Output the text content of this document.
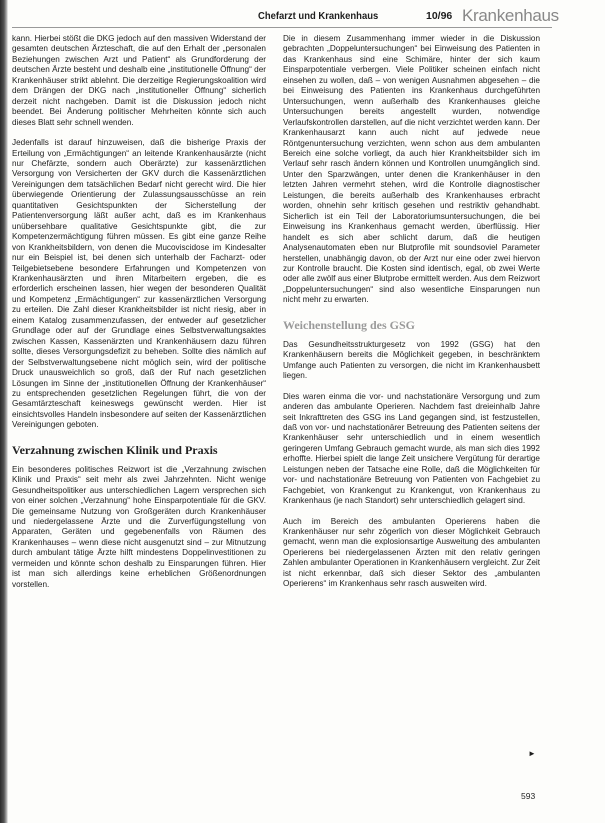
Chefarzt und Krankenhaus	10/96 Krankenhaus

kann. Hierbei stößt die DKG jedoch auf den massiven Widerstand der gesamten deutschen Ärzteschaft, die auf den Erhalt der „personalen Beziehungen zwischen Arzt und Patient“ als Grundforderung der deutschen Ärzte besteht und deshalb eine „institutionelle Öffnung“ der Krankenhäuser strikt ablehnt. Die derzeitige Regierungskoalition wird dem Drängen der DKG nach „institutioneller Öffnung“ sicherlich derzeit nicht nachgeben. Damit ist die Diskussion jedoch nicht beendet. Bei Änderung politischer Mehrheiten könnte sich auch dieses Blatt sehr schnell wenden.

Jedenfalls ist darauf hinzuweisen, daß die bisherige Praxis der Erteilung von „Ermächtigungen“ an leitende Krankenhausärzte (nicht nur Chefärzte, sondern auch Oberärzte) zur kassenärztlichen Versorgung von Versicherten der GKV durch die Kassenärztlichen Vereinigungen dem tatsächlichen Bedarf nicht gerecht wird. Die hier überwiegende Orientierung der Zulassungsausschüsse an rein quantitativen Gesichtspunkten der Sicherstellung der Patientenversorgung läßt außer acht, daß es im Krankenhaus unübersehbare qualitative Gesichtspunkte gibt, die zur Kompetenzermächtigung führen müssen. Es gibt eine ganze Reihe von Krankheitsbildern, von denen die Mucoviscidose im Kindesalter nur ein Beispiel ist, bei denen sich unterhalb der Facharzt- oder Teilgebietsebene besondere Erfahrungen und Kompetenzen von Krankenhausärzten und ihren Mitarbeitern ergeben, die es erforderlich erscheinen lassen, hier wegen der besonderen Qualität und Kompetenz „Ermächtigungen“ zur kassenärztlichen Versorgung zu erteilen. Die Zahl dieser Krankheitsbilder ist nicht riesig, aber in einem Katalog zusammenzufassen, der entweder auf gesetzlicher Grundlage oder auf der Grundlage eines Selbstverwaltungsaktes zwischen Kassen, Kassenärzten und Krankenhäusern dazu führen sollte, dieses Versorgungsdefizit zu beheben. Sollte dies nämlich auf der Selbstverwaltungsebene nicht möglich sein, wird der politische Druck unausweichlich so groß, daß der Ruf nach gesetzlichen Lösungen im Sinne der „institutionellen Öffnung der Krankenhäuser“ zu entsprechenden gesetzlichen Regelungen führt, die von der Gesamtärzteschaft keineswegs gewünscht werden. Hier ist einsichtsvolles Handeln insbesondere auf seiten der Kassenärztlichen Vereinigungen geboten.

Verzahnung zwischen Klinik und Praxis

Ein besonderes politisches Reizwort ist die „Verzahnung zwischen Klinik und Praxis“ seit mehr als zwei Jahrzehnten. Nicht wenige Gesundheitspolitiker aus unterschiedlichen Lagern versprechen sich von einer solchen „Verzahnung“ hohe Einsparpotentiale für die GKV. Die gemeinsame Nutzung von Großgeräten durch Krankenhäuser und niedergelassene Ärzte und die Zurverfügungstellung von Apparaten, Geräten und gegebenenfalls von Räumen des Krankenhauses – wenn diese nicht ausgenutzt sind – zur Mitnutzung durch ambulant tätige Ärzte hilft mindestens Doppelinvestitionen zu vermeiden und könnte schon deshalb zu Einsparungen führen. Hier ist man sich allerdings keine erheblichen Größenordnungen vorstellen.

Die in diesem Zusammenhang immer wieder in die Diskussion gebrachten „Doppeluntersuchungen“ bei Einweisung des Patienten in das Krankenhaus sind eine Schimäre, hinter der sich kaum Einsparpotentiale verbergen. Viele Politiker scheinen einfach nicht einsehen zu wollen, daß – von wenigen Ausnahmen abgesehen – die bei Einweisung des Patienten ins Krankenhaus durchgeführten Untersuchungen, wenn außerhalb des Krankenhauses gleiche Untersuchungen bereits angestellt wurden, notwendige Verlaufskontrollen darstellen, auf die nicht verzichtet werden kann. Der Krankenhausarzt kann auch nicht auf jedwede neue Röntgenuntersuchung verzichten, wenn schon aus dem ambulanten Bereich eine solche vorliegt, da auch hier Krankheitsbilder sich im Verlauf sehr rasch ändern können und Kontrollen unumgänglich sind. Unter den Sparzwängen, unter denen die Krankenhäuser in den letzten Jahren vermehrt stehen, wird die Kontrolle diagnostischer Leistungen, die bereits außerhalb des Krankenhauses erbracht worden, ohnehin sehr kritisch gesehen und restriktiv gehandhabt. Sicherlich ist ein Teil der Laboratoriumsuntersuchungen, die bei Einweisung ins Krankenhaus gemacht werden, überflüssig. Hier handelt es sich aber schlicht darum, daß die heutigen Analysenautomaten eben nur Blutprofile mit soundsoviel Parameter herstellen, unabhängig davon, ob der Arzt nur eine oder zwei hiervon zur Kontrolle braucht. Die Kosten sind identisch, egal, ob zwei Werte oder alle zwölf aus einer Blutprobe ermittelt werden. Aus dem Reizwort „Doppeluntersuchungen“ sind also wesentliche Einsparungen nun nicht mehr zu erwarten.

Weichenstellung des GSG

Das Gesundheitsstrukturgesetz von 1992 (GSG) hat den Krankenhäusern bereits die Möglichkeit gegeben, in beschränktem Umfange auch Patienten zu versorgen, die nicht im Krankenhausbett liegen.

Dies waren einma die vor- und nachstationäre Versorgung und zum anderen das ambulante Operieren. Nachdem fast dreieinhalb Jahre seit Inkrafttreten des GSG ins Land gegangen sind, ist festzustellen, daß von vor- und nachstationärer Betreuung des Patienten seitens der Krankenhäuser sehr unterschiedlich und in einem wesentlich geringeren Umfang Gebrauch gemacht wurde, als man sich dies 1992 erhoffte. Hierbei spielt die lange Zeit unsichere Vergütung für derartige Leistungen neben der Tatsache eine Rolle, daß die Möglichkeiten für vor- und nachstationäre Betreuung von Patienten von Fachgebiet zu Fachgebiet, von Krankengut zu Krankengut, von Krankenhaus zu Krankenhaus (je nach Standort) sehr unterschiedlich gelagert sind.

Auch im Bereich des ambulanten Operierens haben die Krankenhäuser nur sehr zögerlich von dieser Möglichkeit Gebrauch gemacht, wenn man die explosionsartige Ausweitung des ambulanten Operierens bei niedergelassenen Ärzten mit den relativ geringen Zahlen ambulanter Operationen in Krankenhäusern vergleicht. Zur Zeit ist nicht erkennbar, daß sich dieser Sektor des „ambulanten Operierens“ im Krankenhaus sehr rasch ausweiten wird.

►
593
